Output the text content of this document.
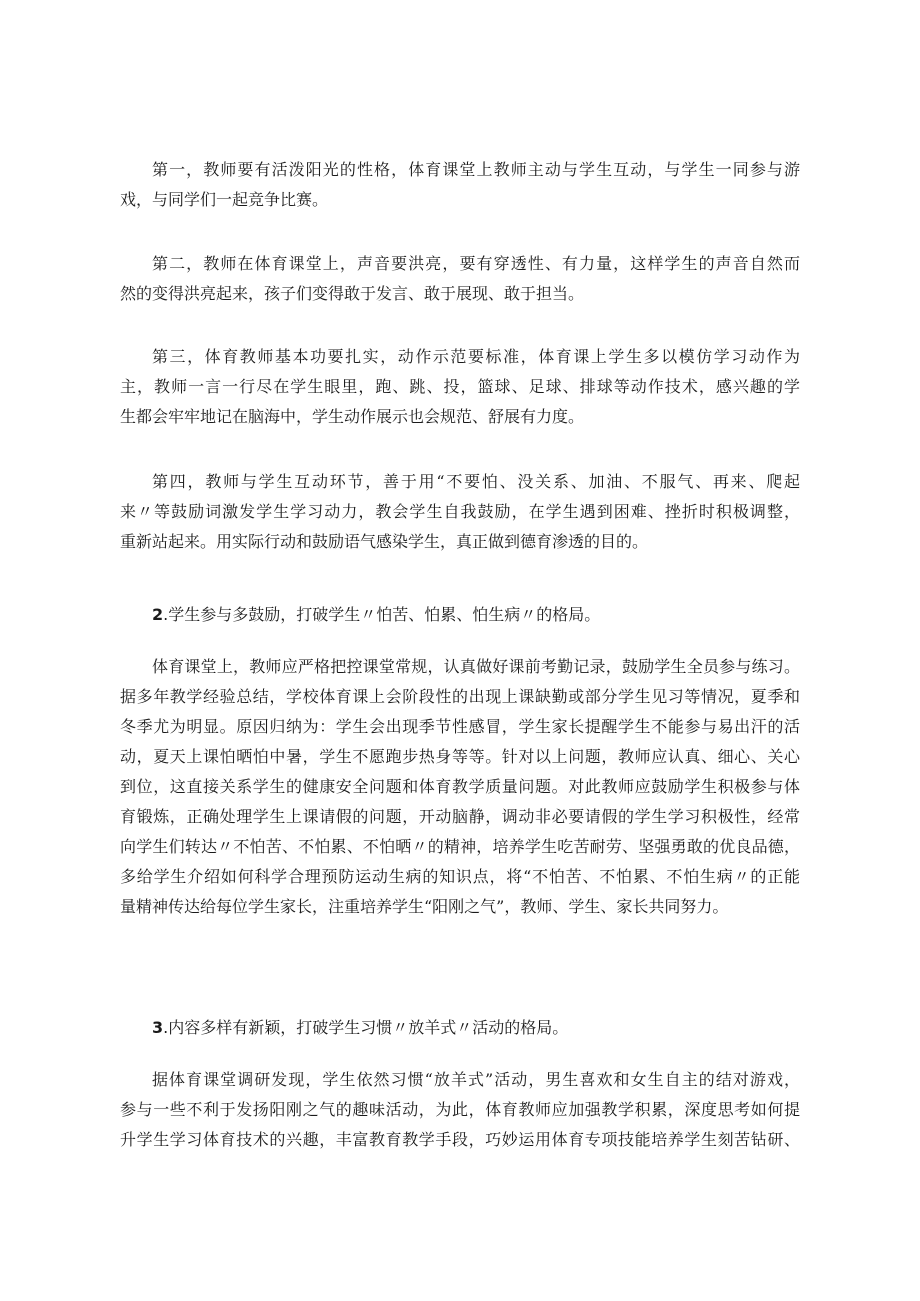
第一，教师要有活泼阳光的性格，体育课堂上教师主动与学生互动，与学生一同参与游
戏，与同学们一起竞争比赛。
第二，教师在体育课堂上，声音要洪亮，要有穿透性、有力量，这样学生的声音自然而
然的变得洪亮起来，孩子们变得敢于发言、敢于展现、敢于担当。
第三，体育教师基本功要扎实，动作示范要标准，体育课上学生多以模仿学习动作为
主，教师一言一行尽在学生眼里，跑、跳、投，篮球、足球、排球等动作技术，感兴趣的学
生都会牢牢地记在脑海中，学生动作展示也会规范、舒展有力度。
第四，教师与学生互动环节，善于用“不要怕、没关系、加油、不服气、再来、爬起
来〃等鼓励词激发学生学习动力，教会学生自我鼓励，在学生遇到困难、挫折时积极调整，
重新站起来。用实际行动和鼓励语气感染学生，真正做到德育渗透的目的。
2.学生参与多鼓励，打破学生〃怕苦、怕累、怕生病〃的格局。
体育课堂上，教师应严格把控课堂常规，认真做好课前考勤记录，鼓励学生全员参与练习。
据多年教学经验总结，学校体育课上会阶段性的出现上课缺勤或部分学生见习等情况，夏季和
冬季尤为明显。原因归纳为：学生会出现季节性感冒，学生家长提醒学生不能参与易出汗的活
动，夏天上课怕晒怕中暑，学生不愿跑步热身等等。针对以上问题，教师应认真、细心、关心
到位，这直接关系学生的健康安全问题和体育教学质量问题。对此教师应鼓励学生积极参与体
育锻炼，正确处理学生上课请假的问题，开动脑静，调动非必要请假的学生学习积极性，经常
向学生们转达〃不怕苦、不怕累、不怕晒〃的精神，培养学生吃苦耐劳、坚强勇敢的优良品德，
多给学生介绍如何科学合理预防运动生病的知识点，将“不怕苦、不怕累、不怕生病〃的正能
量精神传达给每位学生家长，注重培养学生“阳刚之气”，教师、学生、家长共同努力。
3.内容多样有新颖，打破学生习惯〃放羊式〃活动的格局。
据体育课堂调研发现，学生依然习惯“放羊式”活动，男生喜欢和女生自主的结对游戏，
参与一些不利于发扬阳刚之气的趣味活动，为此，体育教师应加强教学积累，深度思考如何提
升学生学习体育技术的兴趣，丰富教育教学手段，巧妙运用体育专项技能培养学生刻苦钻研、
